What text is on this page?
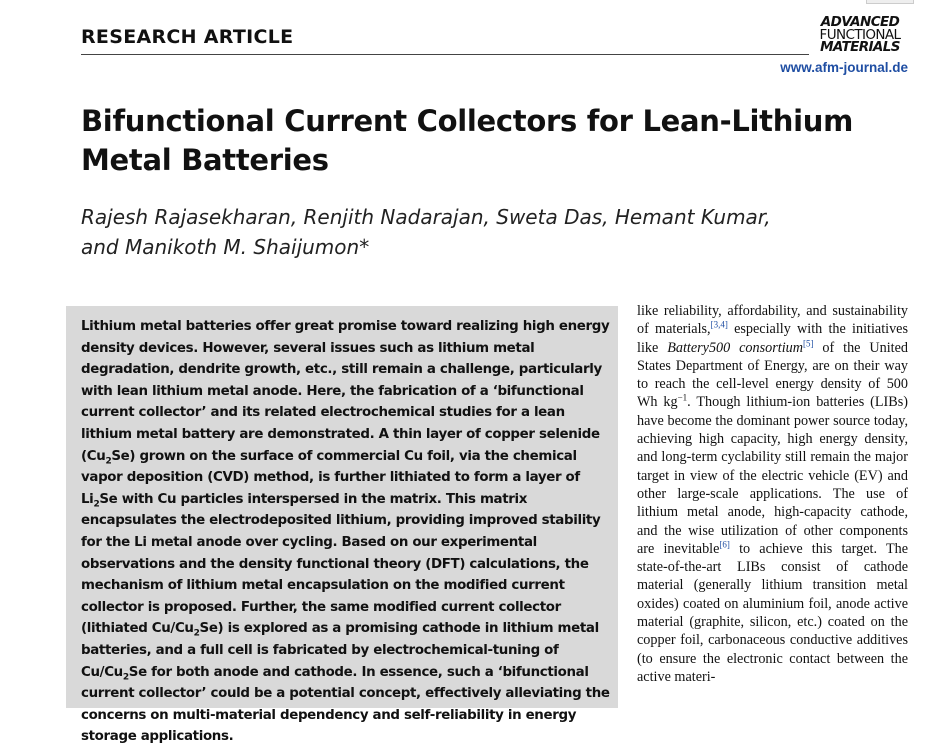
RESEARCH ARTICLE
ADVANCED
FUNCTIONAL
MATERIALS
www.afm-journal.de
Bifunctional Current Collectors for Lean-Lithium Metal Batteries

Rajesh Rajasekharan, Renjith Nadarajan, Sweta Das, Hemant Kumar,
and Manikoth M. Shaijumon*

Lithium metal batteries offer great promise toward realizing high energy density devices. However, several issues such as lithium metal degradation, dendrite growth, etc., still remain a challenge, particularly with lean lithium metal anode. Here, the fabrication of a ‘bifunctional current collector’ and its related electrochemical studies for a lean lithium metal battery are demonstrated. A thin layer of copper selenide $(Cu_2Se)$ grown on the surface of commercial Cu foil, via the chemical vapor deposition (CVD) method, is further lithiated to form a layer of $Li_2Se$ with Cu particles interspersed in the matrix. This matrix encapsulates the electrodeposited lithium, providing improved stability for the Li metal anode over cycling. Based on our experimental observations and the density functional theory (DFT) calculations, the mechanism of lithium metal encapsulation on the modified current collector is proposed. Further, the same modified current collector (lithiated $Cu/Cu_2Se$) is explored as a promising cathode in lithium metal batteries, and a full cell is fabricated by electrochemical-tuning of $Cu/Cu_2Se$ for both anode and cathode. In essence, such a ‘bifunctional current collector’ could be a potential concept, effectively alleviating the concerns on multi-material dependency and self-reliability in energy storage applications.

like reliability, affordability, and sustainability of materials,[3,4] especially with the initiatives like Battery500 consortium[5] of the United States Department of Energy, are on their way to reach the cell-level energy density of 500 Wh $kg^{-1}$. Though lithium-ion batteries (LIBs) have become the dominant power source today, achieving high capacity, high energy density, and long-term cyclability still remain the major target in view of the electric vehicle (EV) and other large-scale applications. The use of lithium metal anode, high-capacity cathode, and the wise utilization of other components are inevitable[6] to achieve this target. The state-of-the-art LIBs consist of cathode material (generally lithium transition metal oxides) coated on aluminium foil, anode active material (graphite, silicon, etc.) coated on the copper foil, carbonaceous conductive additives (to ensure the electronic contact between the active materi-
